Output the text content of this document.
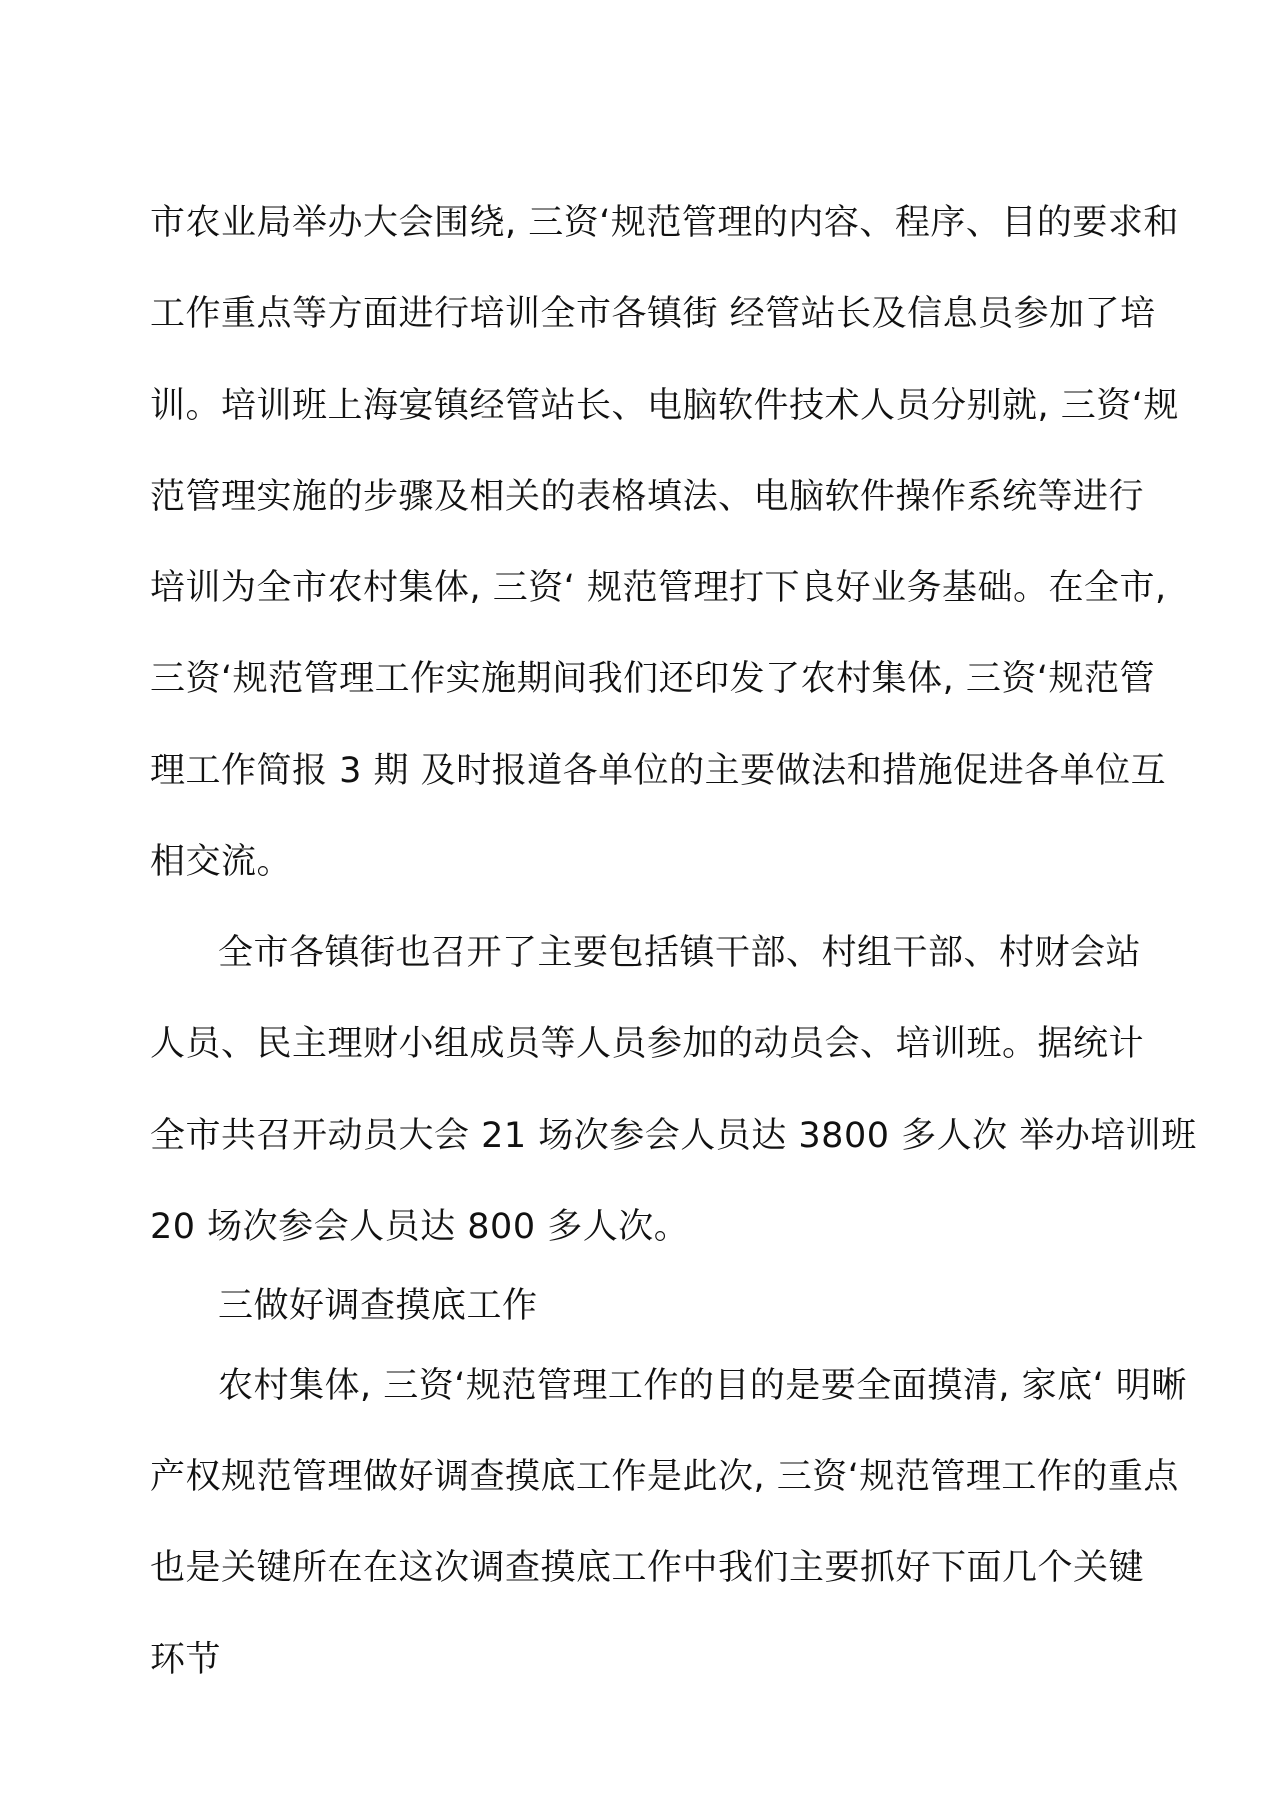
市农业局举办大会围绕, 三资‘规范管理的内容、程序、目的要求和
工作重点等方面进行培训全市各镇街 经管站长及信息员参加了培
训。培训班上海宴镇经管站长、电脑软件技术人员分别就, 三资‘规
范管理实施的步骤及相关的表格填法、电脑软件操作系统等进行
培训为全市农村集体, 三资‘ 规范管理打下良好业务基础。在全市,
三资‘规范管理工作实施期间我们还印发了农村集体, 三资‘规范管
理工作简报 3 期 及时报道各单位的主要做法和措施促进各单位互
相交流。
全市各镇街也召开了主要包括镇干部、村组干部、村财会站
人员、民主理财小组成员等人员参加的动员会、培训班。据统计
全市共召开动员大会 21 场次参会人员达 3800 多人次 举办培训班
20 场次参会人员达 800 多人次。
三做好调查摸底工作
农村集体, 三资‘规范管理工作的目的是要全面摸清, 家底‘ 明晰
产权规范管理做好调查摸底工作是此次, 三资‘规范管理工作的重点
也是关键所在在这次调查摸底工作中我们主要抓好下面几个关键
环节
